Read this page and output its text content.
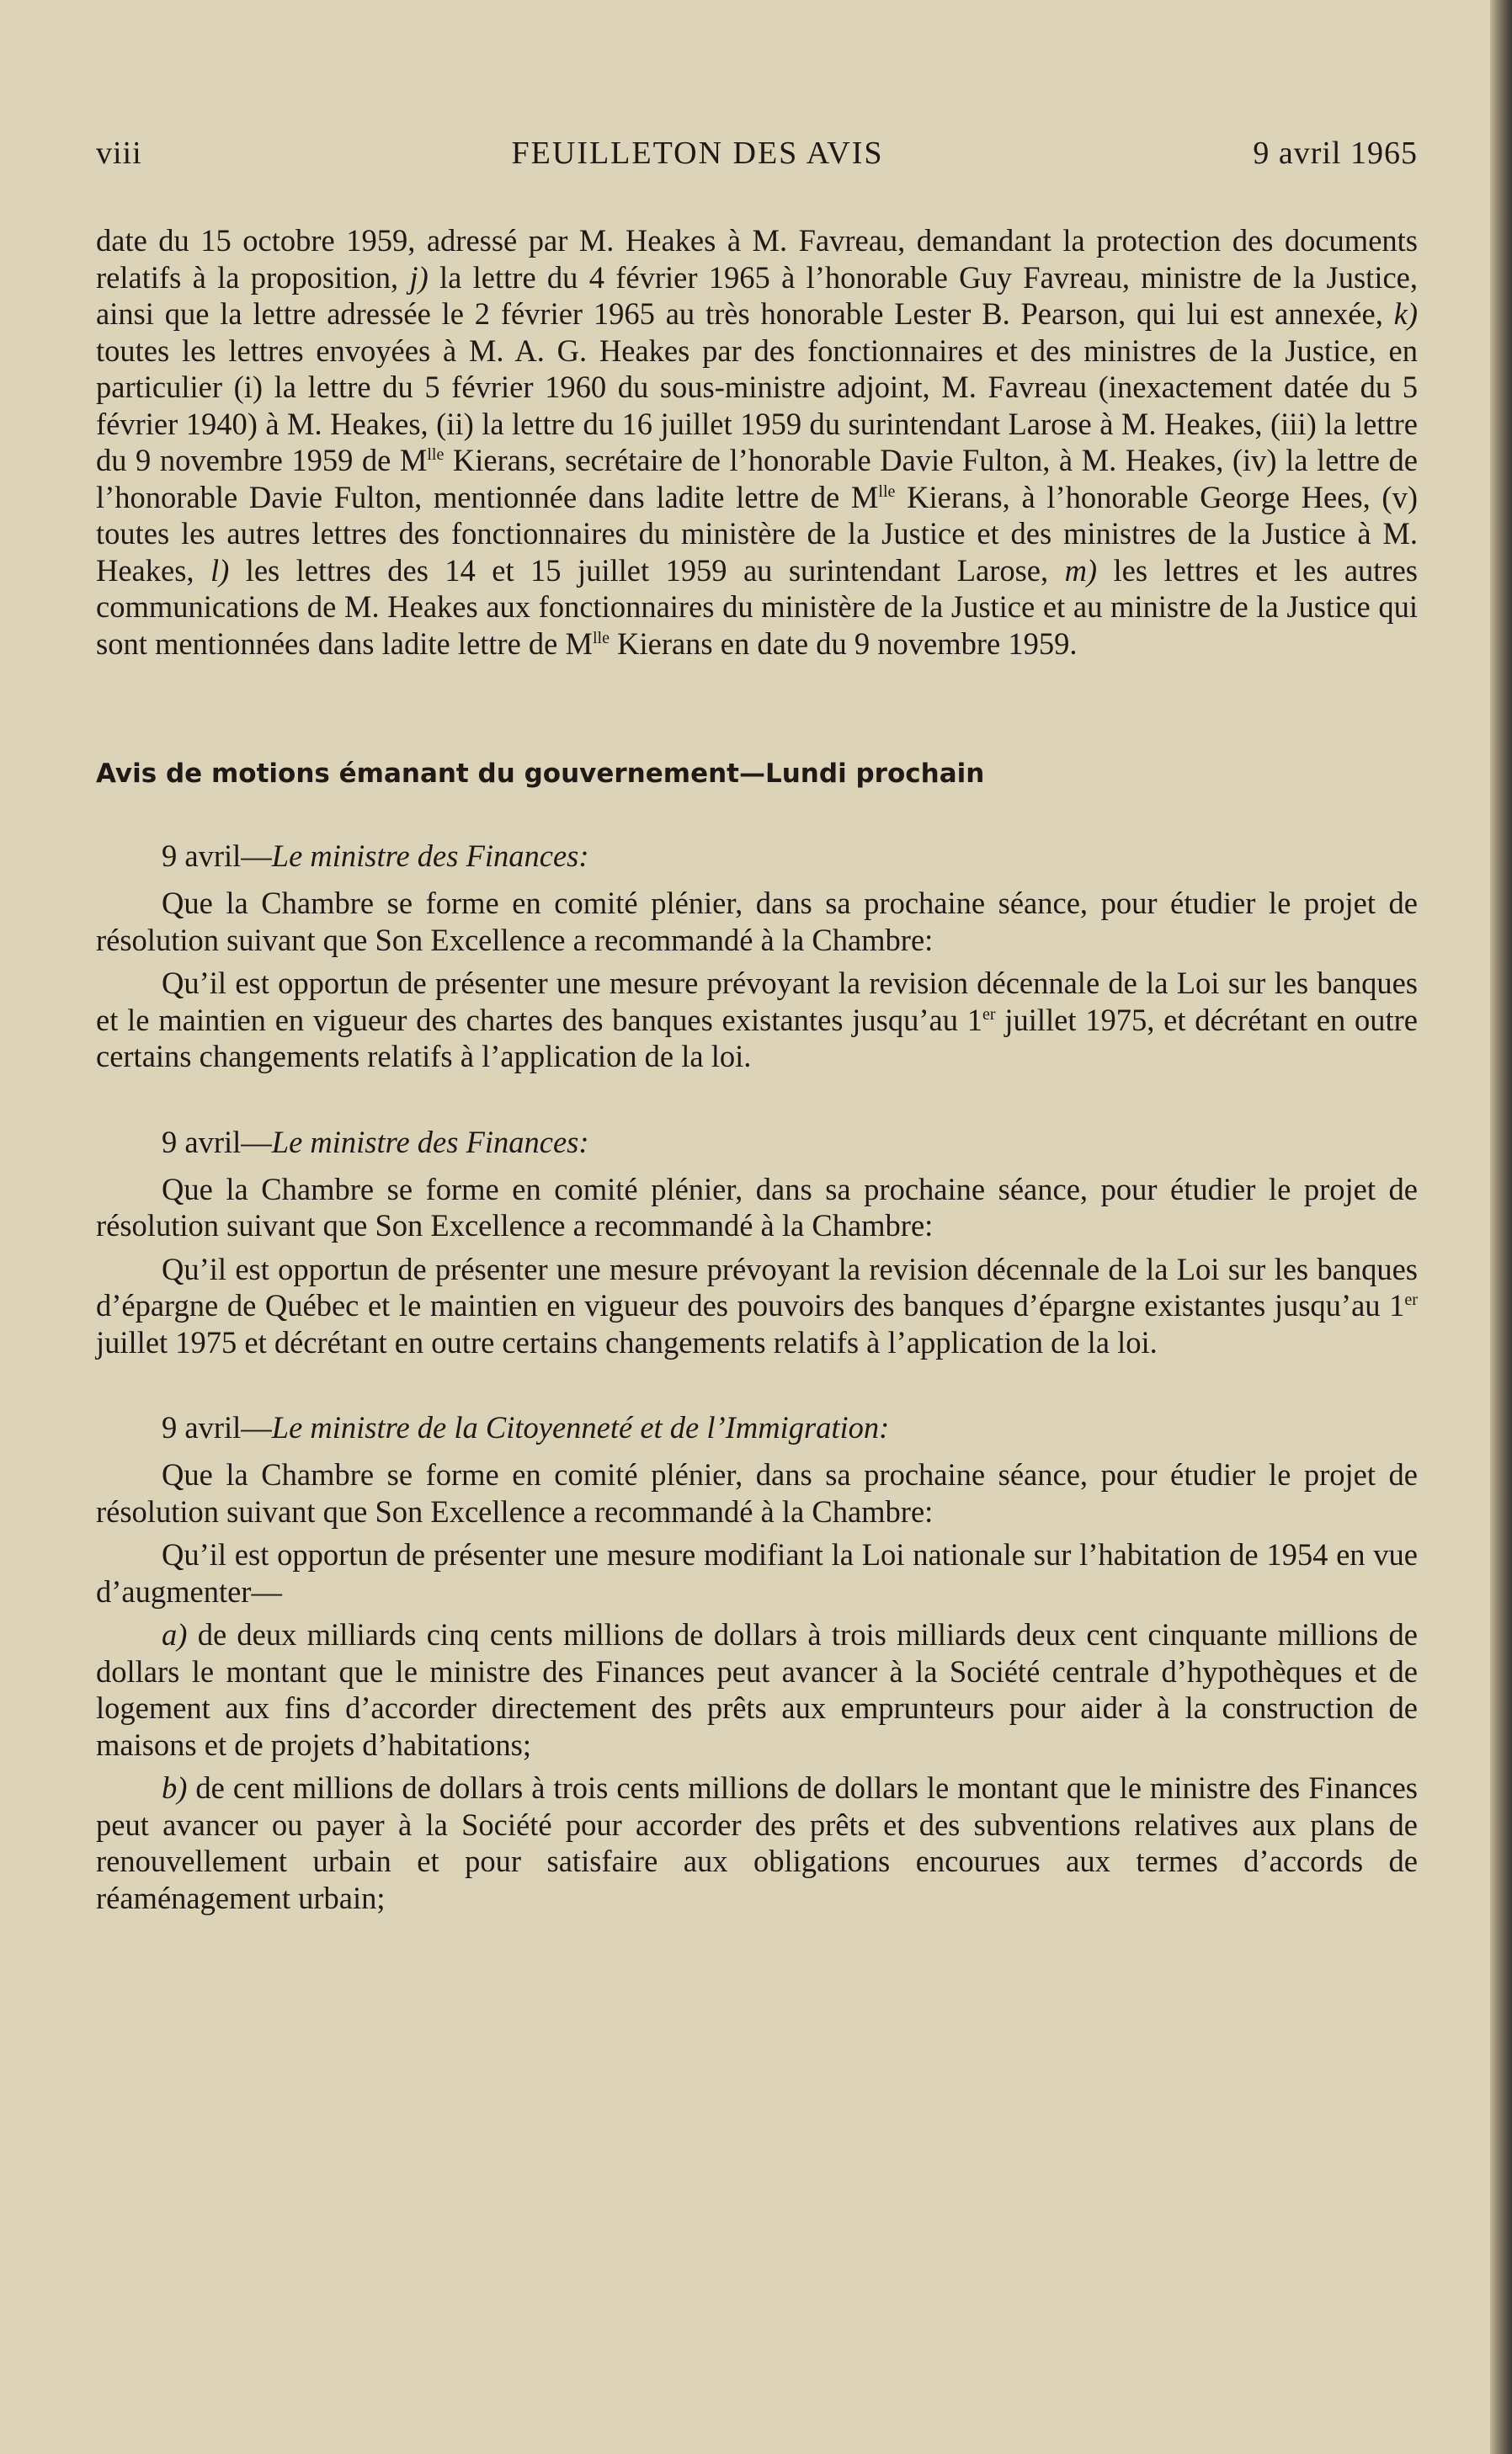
viii	FEUILLETON DES AVIS	9 avril 1965

date du 15 octobre 1959, adressé par M. Heakes à M. Favreau, demandant la protection des documents relatifs à la proposition, j) la lettre du 4 février 1965 à l’honorable Guy Favreau, ministre de la Justice, ainsi que la lettre adressée le 2 février 1965 au très honorable Lester B. Pearson, qui lui est annexée, k) toutes les lettres envoyées à M. A. G. Heakes par des fonctionnaires et des ministres de la Justice, en particulier (i) la lettre du 5 février 1960 du sous-ministre adjoint, M. Favreau (inexactement datée du 5 février 1940) à M. Heakes, (ii) la lettre du 16 juillet 1959 du surintendant Larose à M. Heakes, (iii) la lettre du 9 novembre 1959 de $M^{lle}$ Kierans, secrétaire de l’honorable Davie Fulton, à M. Heakes, (iv) la lettre de l’honorable Davie Fulton, mentionnée dans ladite lettre de $M^{lle}$ Kierans, à l’honorable George Hees, (v) toutes les autres lettres des fonctionnaires du ministère de la Justice et des ministres de la Justice à M. Heakes, l) les lettres des 14 et 15 juillet 1959 au surintendant Larose, m) les lettres et les autres communications de M. Heakes aux fonctionnaires du ministère de la Justice et au ministre de la Justice qui sont mentionnées dans ladite lettre de $M^{lle}$ Kierans en date du 9 novembre 1959.

Avis de motions émanant du gouvernement—Lundi prochain
9 avril—Le ministre des Finances:

Que la Chambre se forme en comité plénier, dans sa prochaine séance, pour étudier le projet de résolution suivant que Son Excellence a recommandé à la Chambre:

Qu’il est opportun de présenter une mesure prévoyant la revision décennale de la Loi sur les banques et le maintien en vigueur des chartes des banques existantes jusqu’au 1er juillet 1975, et décrétant en outre certains changements relatifs à l’application de la loi.

9 avril—Le ministre des Finances:

Que la Chambre se forme en comité plénier, dans sa prochaine séance, pour étudier le projet de résolution suivant que Son Excellence a recommandé à la Chambre:

Qu’il est opportun de présenter une mesure prévoyant la revision décennale de la Loi sur les banques d’épargne de Québec et le maintien en vigueur des pouvoirs des banques d’épargne existantes jusqu’au 1er juillet 1975 et décrétant en outre certains changements relatifs à l’application de la loi.

9 avril—Le ministre de la Citoyenneté et de l’Immigration:

Que la Chambre se forme en comité plénier, dans sa prochaine séance, pour étudier le projet de résolution suivant que Son Excellence a recommandé à la Chambre:

Qu’il est opportun de présenter une mesure modifiant la Loi nationale sur l’habitation de 1954 en vue d’augmenter—

a) de deux milliards cinq cents millions de dollars à trois milliards deux cent cinquante millions de dollars le montant que le ministre des Finances peut avancer à la Société centrale d’hypothèques et de logement aux fins d’accorder directement des prêts aux emprunteurs pour aider à la construction de maisons et de projets d’habitations;

b) de cent millions de dollars à trois cents millions de dollars le montant que le ministre des Finances peut avancer ou payer à la Société pour accorder des prêts et des subventions relatives aux plans de renouvellement urbain et pour satisfaire aux obligations encourues aux termes d’accords de réaménagement urbain;
